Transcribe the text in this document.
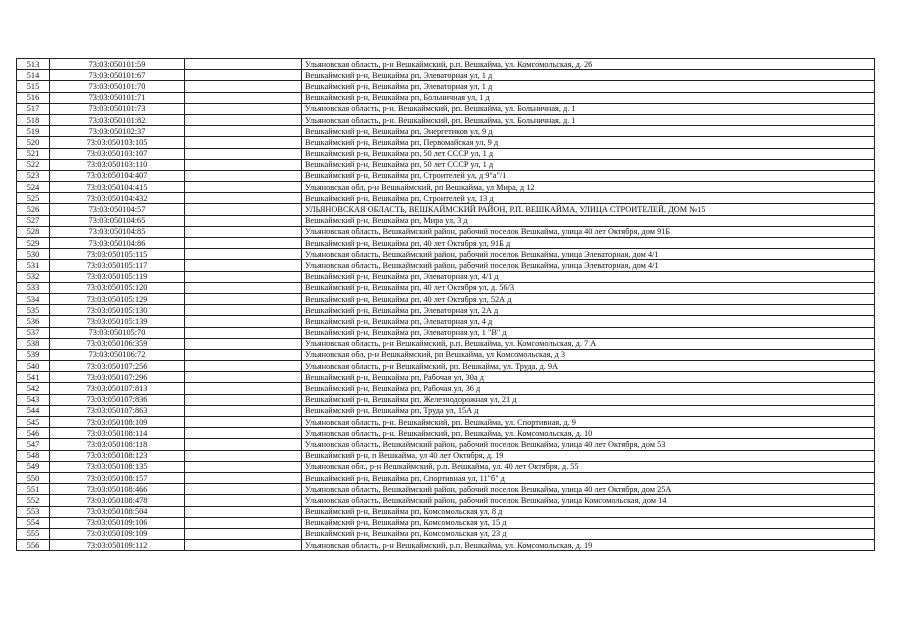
513	73:03:050101:59		Ульяновская область, р-н Вешкаймский, р.п. Вешкайма, ул. Комсомольская, д. 26
514	73:03:050101:67		Вешкаймский р-н, Вешкайма рп, Элеваторная ул, 1 д
515	73:03:050101:70		Вешкаймский р-н, Вешкайма рп, Элеваторная ул, 1 д
516	73:03:050101:71		Вешкаймский р-н, Вешкайма рп, Больничная ул, 1 д
517	73:03:050101:73		Ульяновская область, р-н. Вешкаймский, рп. Вешкайма, ул. Больничная, д. 1
518	73:03:050101:82		Ульяновская область, р-н. Вешкаймский, рп. Вешкайма, ул. Больничная, д. 1
519	73:03:050102:37		Вешкаймский р-н, Вешкайма рп, Энергетиков ул, 9 д
520	73:03:050103:105		Вешкаймский р-н, Вешкайма рп, Первомайская ул, 9 д
521	73:03:050103:107		Вешкаймский р-н, Вешкайма рп, 50 лет СССР ул, 1 д
522	73:03:050103:110		Вешкаймский р-н, Вешкайма рп, 50 лет СССР ул, 1 д
523	73:03:050104:407		Вешкаймский р-н, Вешкайма рп, Строителей ул, д 9"а"/1
524	73:03:050104:415		Ульяновская обл, р-н Вешкаймский, рп Вешкайма, ул Мира, д 12
525	73:03:050104:432		Вешкаймский р-н, Вешкайма рп, Строителей ул, 13 д
526	73:03:050104:57		УЛЬЯНОВСКАЯ ОБЛАСТЬ, ВЕШКАЙМСКИЙ РАЙОН, Р.П. ВЕШКАЙМА, УЛИЦА СТРОИТЕЛЕЙ, ДОМ №15
527	73:03:050104:65		Вешкаймский р-н, Вешкайма рп, Мира ул, 3 д
528	73:03:050104:85		Ульяновская область, Вешкаймский район, рабочий поселок Вешкайма, улица 40 лет Октября, дом 91Б
529	73:03:050104:86		Вешкаймский р-н, Вешкайма рп, 40 лет Октября ул, 91Б д
530	73:03:050105:115		Ульяновская область, Вешкаймский район, рабочий поселок Вешкайма, улица Элеваторная, дом 4/1
531	73:03:050105:117		Ульяновская область, Вешкаймский район, рабочий поселок Вешкайма, улица Элеваторная, дом 4/1
532	73:03:050105:119		Вешкаймский р-н, Вешкайма рп, Элеваторная ул, 4/1 д
533	73:03:050105:120		Вешкаймский р-н, Вешкайма рп, 40 лет Октября ул, д. 56/3
534	73:03:050105:129		Вешкаймский р-н, Вешкайма рп, 40 лет Октября ул, 52А д
535	73:03:050105:130		Вешкаймский р-н, Вешкайма рп, Элеваторная ул, 2А д
536	73:03:050105:139		Вешкаймский р-н, Вешкайма рп, Элеваторная ул, 4 д
537	73:03:050105:70		Вешкаймский р-н, Вешкайма рп, Элеваторная ул, 1 "В" д
538	73:03:050106:359		Ульяновская область, р-н Вешкаймский, р.п. Вешкайма, ул. Комсомольская, д. 7 А
539	73:03:050106:72		Ульяновская обл, р-н Вешкаймский, рп Вешкайма, ул Комсомольская, д 3
540	73:03:050107:256		Ульяновская область, р-н Вешкаймский, рп. Вешкайма, ул. Труда, д. 9А
541	73:03:050107:296		Вешкаймский р-н, Вешкайма рп, Рабочая ул, 30а д
542	73:03:050107:813		Вешкаймский р-н, Вешкайма рп, Рабочая ул, 36 д
543	73:03:050107:836		Вешкаймский р-н, Вешкайма рп, Железнодорожная ул, 21 д
544	73:03:050107:863		Вешкаймский р-н, Вешкайма рп, Труда ул, 15А д
545	73:03:050108:109		Ульяновская область, р-н. Вешкаймский, рп. Вешкайма, ул. Спортивная, д. 9
546	73:03:050108:114		Ульяновская область, р-н. Вешкаймский, рп. Вешкайма, ул. Комсомольская, д. 10
547	73:03:050108:118		Ульяновская область, Вешкаймский район, рабочий поселок Вешкайма, улица 40 лет Октября, дом 53
548	73:03:050108:123		Вешкаймский р-н, п Вешкайма, ул 40 лет Октября, д. 19
549	73:03:050108:135		Ульяновская обл., р-н Вешкаймский, р.п. Вешкайма, ул. 40 лет Октября, д. 55
550	73:03:050108:157		Вешкаймский р-н, Вешкайма рп, Спортивная ул, 11"б" д
551	73:03:050108:466		Ульяновская область, Вешкаймский район, рабочий поселок Вешкайма, улица 40 лет Октября, дом 25А
552	73:03:050108:478		Ульяновская область, Вешкаймский район, рабочий поселок Вешкайма, улица Комсомольская, дом 14
553	73:03:050108:504		Вешкаймский р-н, Вешкайма рп, Комсомольская ул, 8 д
554	73:03:050109:106		Вешкаймский р-н, Вешкайма рп, Комсомольская ул, 15 д
555	73:03:050109:109		Вешкаймский р-н, Вешкайма рп, Комсомольская ул, 23 д
556	73:03:050109:112		Ульяновская область, р-н Вешкаймский, р.п. Вешкайма, ул. Комсомольская, д. 19
